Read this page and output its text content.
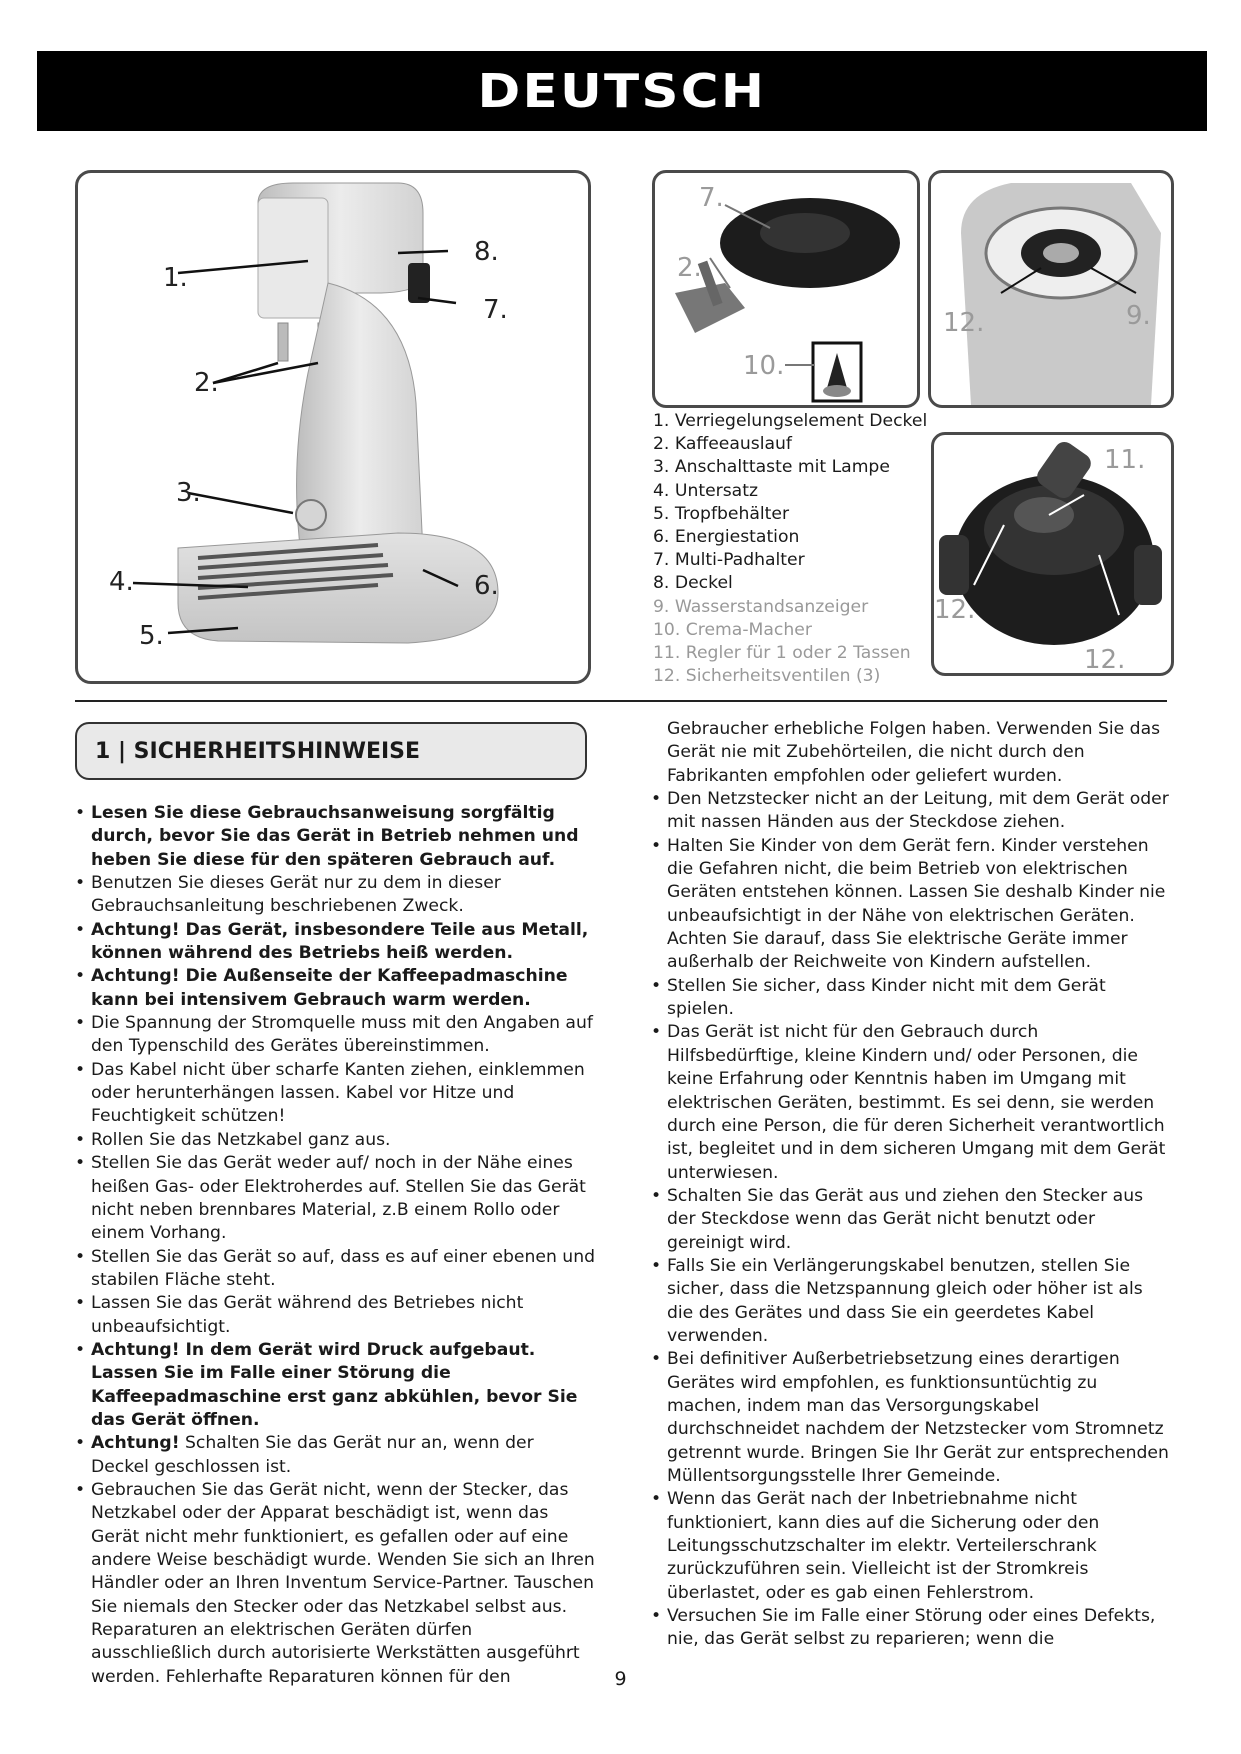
DEUTSCH
1.
2.
3.
4.
5.
6.
7.
8.
7.
2.
10.
12.	9.
1. Verriegelungselement Deckel
2. Kaffeeauslauf
3. Anschalttaste mit Lampe
4. Untersatz
5. Tropfbehälter
6. Energiestation
7. Multi-Padhalter
8. Deckel
9. Wasserstandsanzeiger
10. Crema-Macher
11. Regler für 1 oder 2 Tassen
12. Sicherheitsventilen (3)
11.
12.
12.
1 | SICHERHEITSHINWEISE
• Lesen Sie diese Gebrauchsanweisung sorgfältig durch, bevor Sie das Gerät in Betrieb nehmen und heben Sie diese für den späteren Gebrauch auf.
• Benutzen Sie dieses Gerät nur zu dem in dieser Gebrauchsanleitung beschriebenen Zweck.
• Achtung! Das Gerät, insbesondere Teile aus Metall, können während des Betriebs heiß werden.
• Achtung! Die Außenseite der Kaffeepadmaschine kann bei intensivem Gebrauch warm werden.
• Die Spannung der Stromquelle muss mit den Angaben auf den Typenschild des Gerätes übereinstimmen.
• Das Kabel nicht über scharfe Kanten ziehen, einklemmen oder herunterhängen lassen. Kabel vor Hitze und Feuchtigkeit schützen!
• Rollen Sie das Netzkabel ganz aus.
• Stellen Sie das Gerät weder auf/ noch in der Nähe eines heißen Gas- oder Elektroherdes auf. Stellen Sie das Gerät nicht neben brennbares Material, z.B einem Rollo oder einem Vorhang.
• Stellen Sie das Gerät so auf, dass es auf einer ebenen und stabilen Fläche steht.
• Lassen Sie das Gerät während des Betriebes nicht unbeaufsichtigt.
• Achtung! In dem Gerät wird Druck aufgebaut. Lassen Sie im Falle einer Störung die Kaffeepadmaschine erst ganz abkühlen, bevor Sie das Gerät öffnen.
• Achtung! Schalten Sie das Gerät nur an, wenn der Deckel geschlossen ist.
• Gebrauchen Sie das Gerät nicht, wenn der Stecker, das Netzkabel oder der Apparat beschädigt ist, wenn das Gerät nicht mehr funktioniert, es gefallen oder auf eine andere Weise beschädigt wurde. Wenden Sie sich an Ihren Händler oder an Ihren Inventum Service-Partner. Tauschen Sie niemals den Stecker oder das Netzkabel selbst aus. Reparaturen an elektrischen Geräten dürfen ausschließlich durch autorisierte Werkstätten ausgeführt werden. Fehlerhafte Reparaturen können für den
Gebraucher erhebliche Folgen haben. Verwenden Sie das Gerät nie mit Zubehörteilen, die nicht durch den Fabrikanten empfohlen oder geliefert wurden.
• Den Netzstecker nicht an der Leitung, mit dem Gerät oder mit nassen Händen aus der Steckdose ziehen.
• Halten Sie Kinder von dem Gerät fern. Kinder verstehen die Gefahren nicht, die beim Betrieb von elektrischen Geräten entstehen können. Lassen Sie deshalb Kinder nie unbeaufsichtigt in der Nähe von elektrischen Geräten. Achten Sie darauf, dass Sie elektrische Geräte immer außerhalb der Reichweite von Kindern aufstellen.
• Stellen Sie sicher, dass Kinder nicht mit dem Gerät spielen.
• Das Gerät ist nicht für den Gebrauch durch Hilfsbedürftige, kleine Kindern und/ oder Personen, die keine Erfahrung oder Kenntnis haben im Umgang mit elektrischen Geräten, bestimmt. Es sei denn, sie werden durch eine Person, die für deren Sicherheit verantwortlich ist, begleitet und in dem sicheren Umgang mit dem Gerät unterwiesen.
• Schalten Sie das Gerät aus und ziehen den Stecker aus der Steckdose wenn das Gerät nicht benutzt oder gereinigt wird.
• Falls Sie ein Verlängerungskabel benutzen, stellen Sie sicher, dass die Netzspannung gleich oder höher ist als die des Gerätes und dass Sie ein geerdetes Kabel verwenden.
• Bei definitiver Außerbetriebsetzung eines derartigen Gerätes wird empfohlen, es funktionsuntüchtig zu machen, indem man das Versorgungskabel durchschneidet nachdem der Netzstecker vom Stromnetz getrennt wurde. Bringen Sie Ihr Gerät zur entsprechenden Müllentsorgungsstelle Ihrer Gemeinde.
• Wenn das Gerät nach der Inbetriebnahme nicht funktioniert, kann dies auf die Sicherung oder den Leitungsschutzschalter im elektr. Verteilerschrank zurückzuführen sein. Vielleicht ist der Stromkreis überlastet, oder es gab einen Fehlerstrom.
• Versuchen Sie im Falle einer Störung oder eines Defekts, nie, das Gerät selbst zu reparieren; wenn die
9
